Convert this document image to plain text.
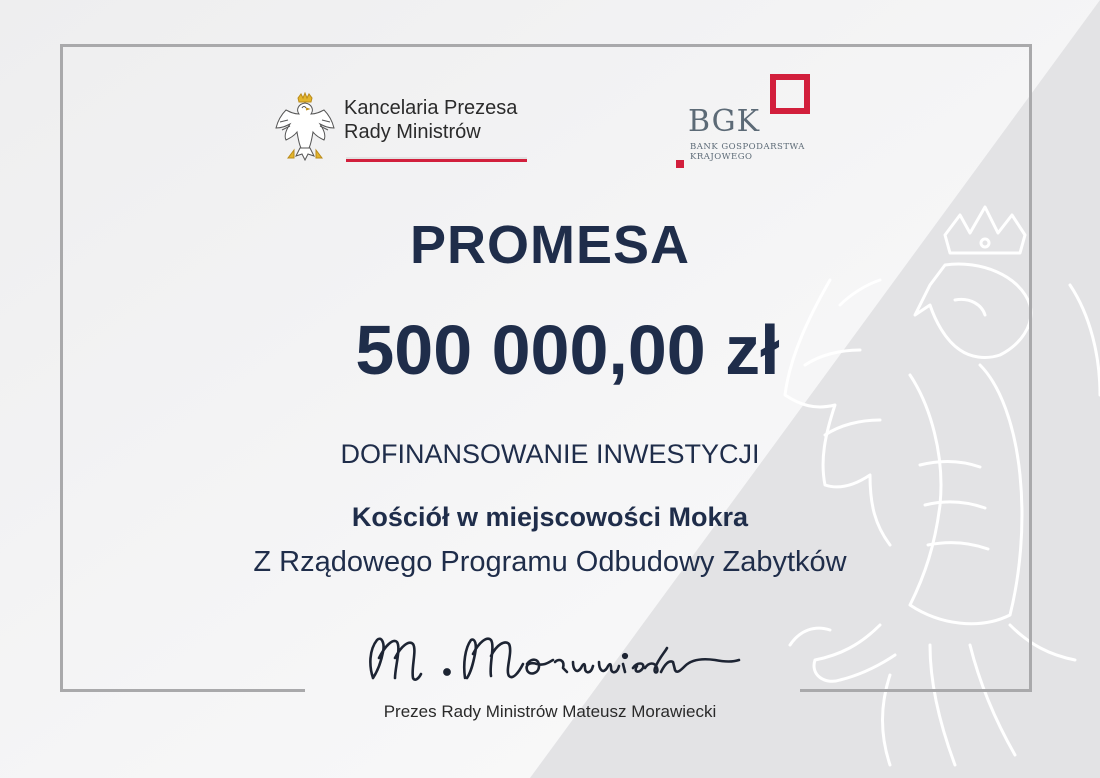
Kancelaria Prezesa
Rady Ministrów	BGK
BANK GOSPODARSTWA
KRAJOWEGO
PROMESA
500 000,00 zł
DOFINANSOWANIE INWESTYCJI
Kościół w miejscowości Mokra
Z Rządowego Programu Odbudowy Zabytków
Prezes Rady Ministrów Mateusz Morawiecki
